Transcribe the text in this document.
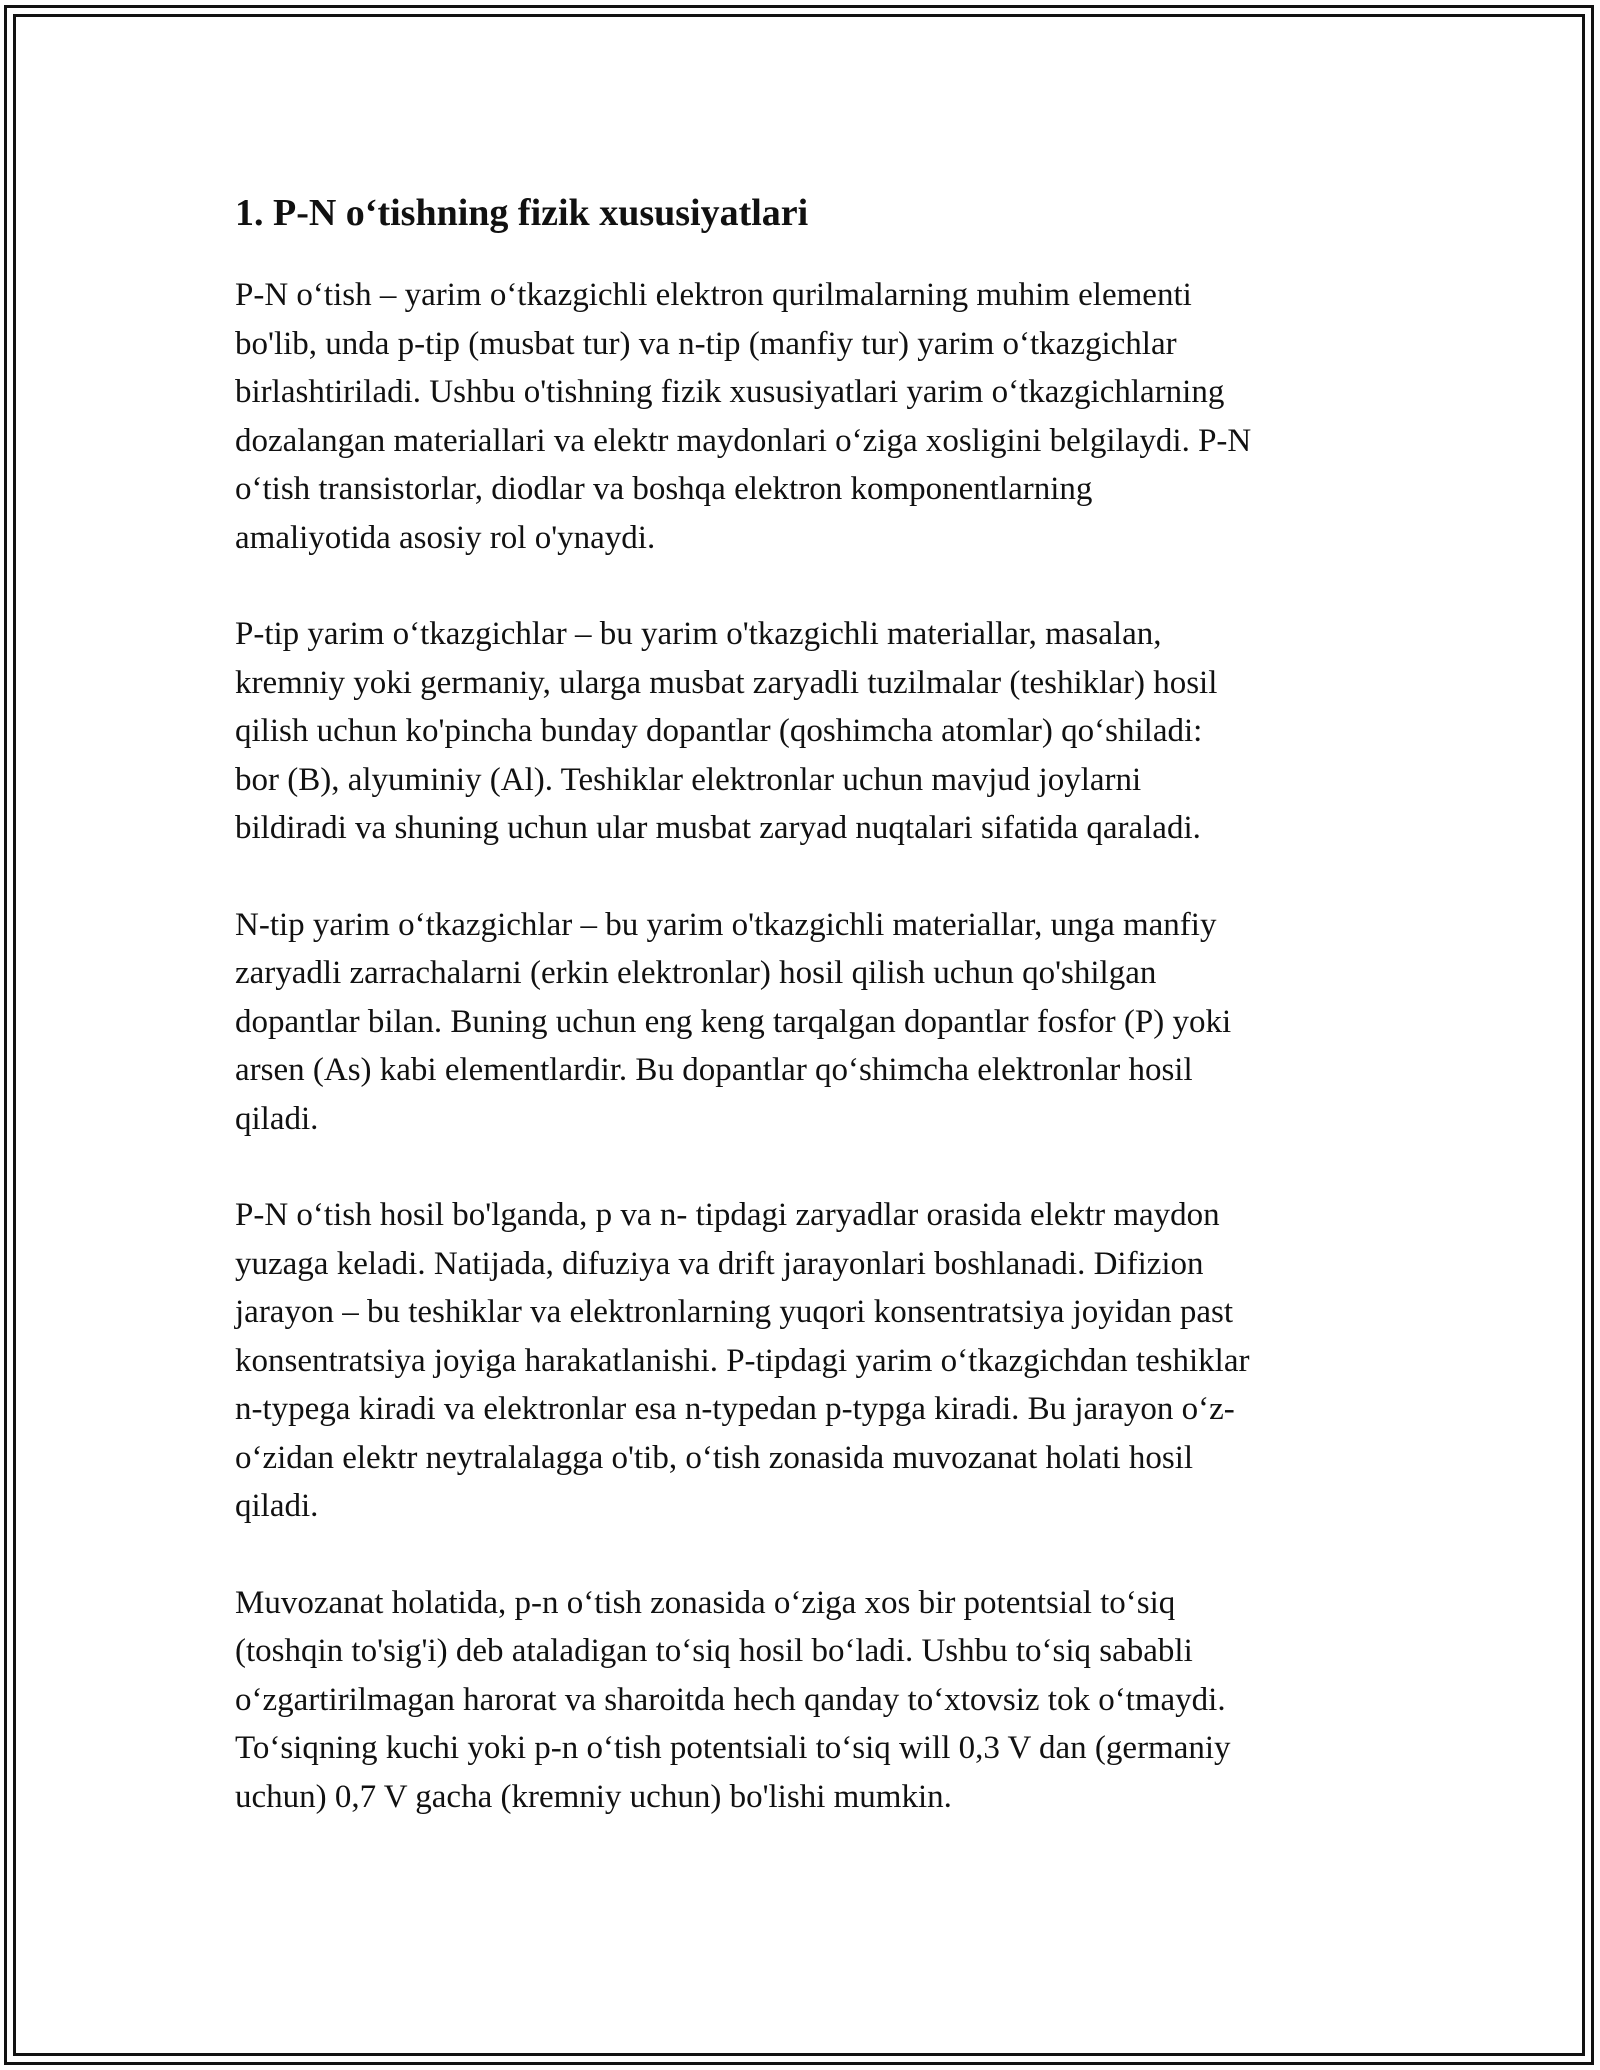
1. P-N o‘tishning fizik xususiyatlari

P-N o‘tish – yarim o‘tkazgichli elektron qurilmalarning muhim elementi
bo'lib, unda p-tip (musbat tur) va n-tip (manfiy tur) yarim o‘tkazgichlar
birlashtiriladi. Ushbu o'tishning fizik xususiyatlari yarim o‘tkazgichlarning
dozalangan materiallari va elektr maydonlari o‘ziga xosligini belgilaydi. P-N
o‘tish transistorlar, diodlar va boshqa elektron komponentlarning
amaliyotida asosiy rol o'ynaydi.

P-tip yarim o‘tkazgichlar – bu yarim o'tkazgichli materiallar, masalan,
kremniy yoki germaniy, ularga musbat zaryadli tuzilmalar (teshiklar) hosil
qilish uchun ko'pincha bunday dopantlar (qoshimcha atomlar) qo‘shiladi:
bor (B), alyuminiy (Al). Teshiklar elektronlar uchun mavjud joylarni
bildiradi va shuning uchun ular musbat zaryad nuqtalari sifatida qaraladi.

N-tip yarim o‘tkazgichlar – bu yarim o'tkazgichli materiallar, unga manfiy
zaryadli zarrachalarni (erkin elektronlar) hosil qilish uchun qo'shilgan
dopantlar bilan. Buning uchun eng keng tarqalgan dopantlar fosfor (P) yoki
arsen (As) kabi elementlardir. Bu dopantlar qo‘shimcha elektronlar hosil
qiladi.

P-N o‘tish hosil bo'lganda, p va n- tipdagi zaryadlar orasida elektr maydon
yuzaga keladi. Natijada, difuziya va drift jarayonlari boshlanadi. Difizion
jarayon – bu teshiklar va elektronlarning yuqori konsentratsiya joyidan past
konsentratsiya joyiga harakatlanishi. P-tipdagi yarim o‘tkazgichdan teshiklar
n-typega kiradi va elektronlar esa n-typedan p-typga kiradi. Bu jarayon o‘z-
o‘zidan elektr neytralalagga o'tib, o‘tish zonasida muvozanat holati hosil
qiladi.

Muvozanat holatida, p-n o‘tish zonasida o‘ziga xos bir potentsial to‘siq
(toshqin to'sig'i) deb ataladigan to‘siq hosil bo‘ladi. Ushbu to‘siq sababli
o‘zgartirilmagan harorat va sharoitda hech qanday to‘xtovsiz tok o‘tmaydi.
To‘siqning kuchi yoki p-n o‘tish potentsiali to‘siq will 0,3 V dan (germaniy
uchun) 0,7 V gacha (kremniy uchun) bo'lishi mumkin.
